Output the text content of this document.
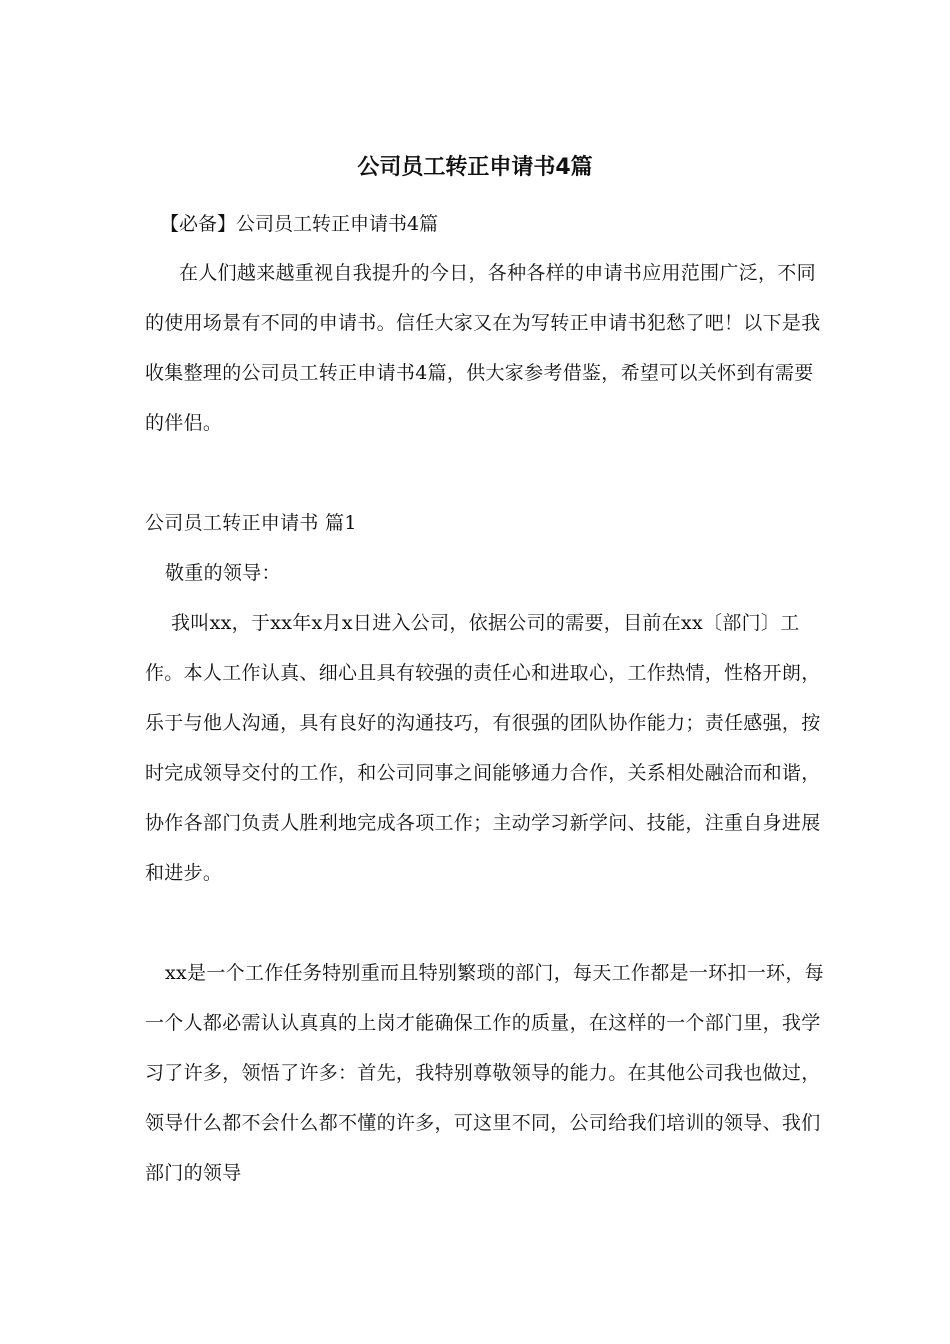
公司员工转正申请书4篇

【必备】公司员工转正申请书4篇

在人们越来越重视自我提升的今日，各种各样的申请书应用范围广泛，不同的使用场景有不同的申请书。信任大家又在为写转正申请书犯愁了吧！以下是我收集整理的公司员工转正申请书4篇，供大家参考借鉴，希望可以关怀到有需要的伴侣。

公司员工转正申请书 篇1

敬重的领导：

我叫xx，于xx年x月x日进入公司，依据公司的需要，目前在xx〔部门〕工作。本人工作认真、细心且具有较强的责任心和进取心，工作热情，性格开朗，乐于与他人沟通，具有良好的沟通技巧，有很强的团队协作能力；责任感强，按时完成领导交付的工作，和公司同事之间能够通力合作，关系相处融洽而和谐，协作各部门负责人胜利地完成各项工作；主动学习新学问、技能，注重自身进展和进步。

xx是一个工作任务特别重而且特别繁琐的部门，每天工作都是一环扣一环，每一个人都必需认认真真的上岗才能确保工作的质量，在这样的一个部门里，我学习了许多，领悟了许多：首先，我特别尊敬领导的能力。在其他公司我也做过，领导什么都不会什么都不懂的许多，可这里不同，公司给我们培训的领导、我们部门的领导
